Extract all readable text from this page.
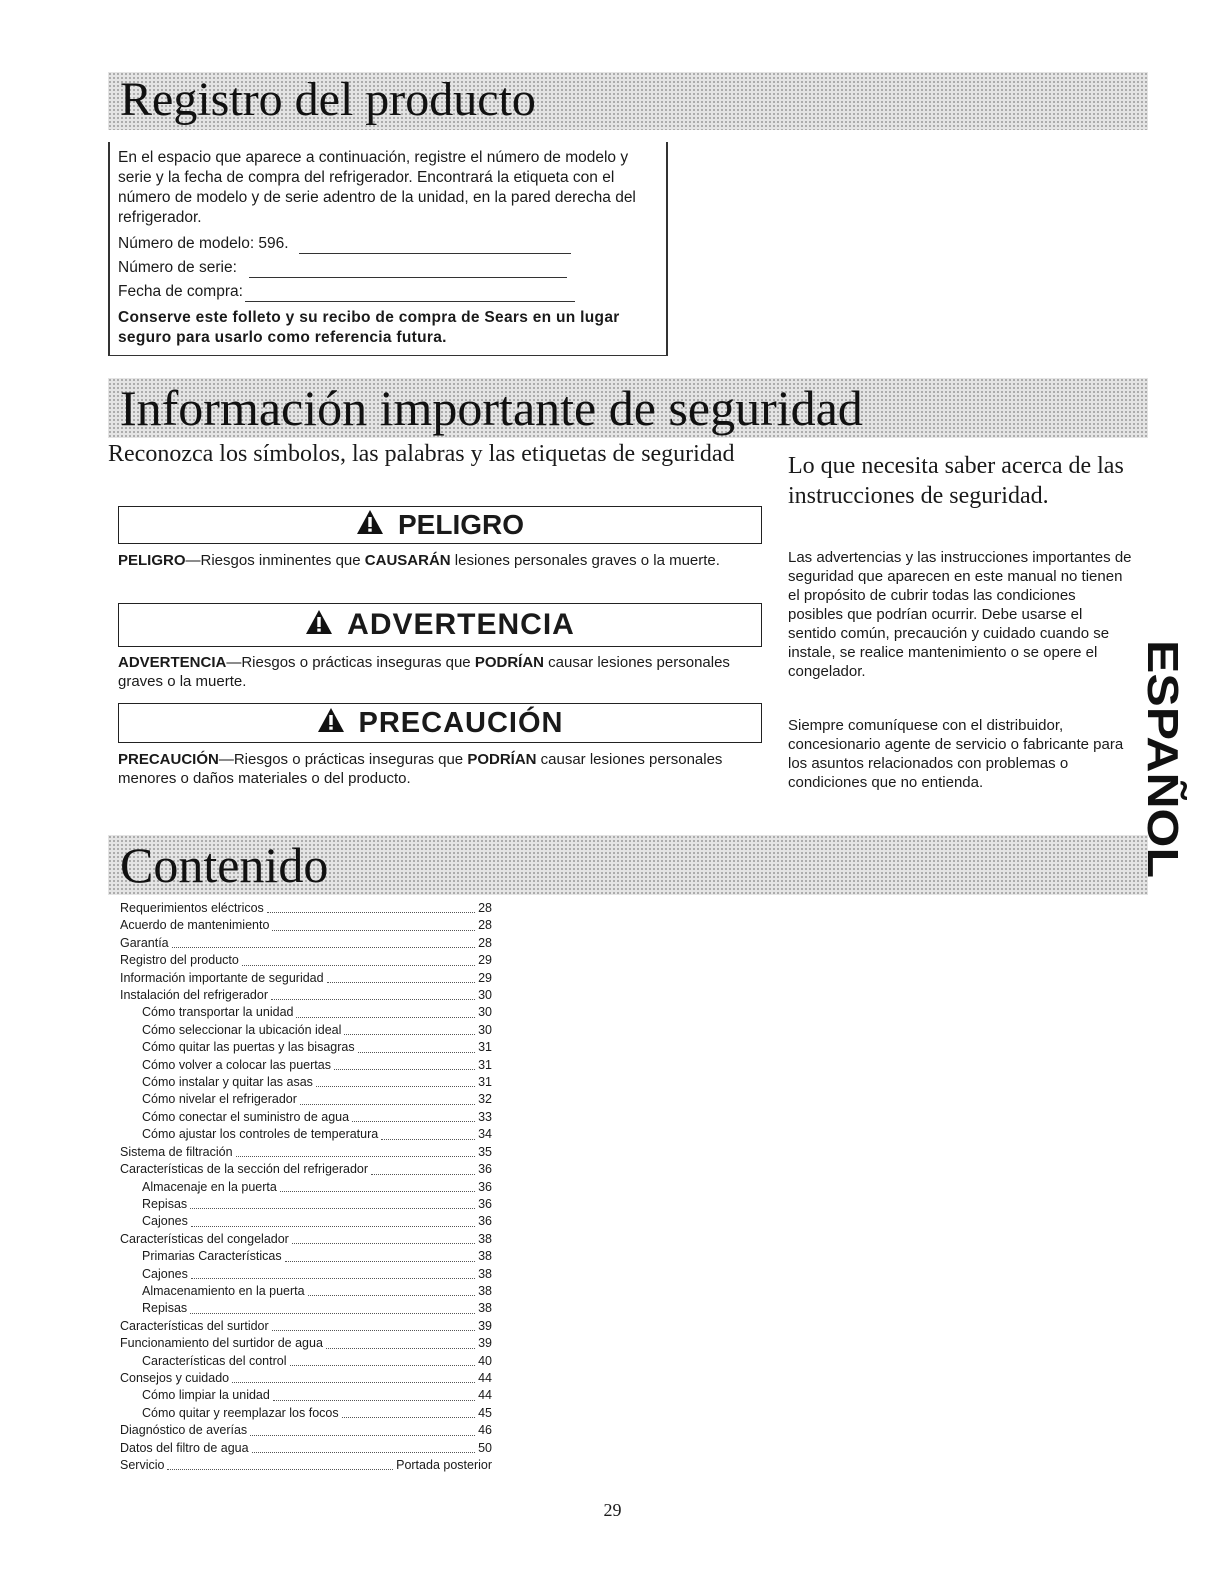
Registro del producto

En el espacio que aparece a continuación, registre el número de modelo y serie y la fecha de compra del refrigerador. Encontrará la etiqueta con el número de modelo y de serie adentro de la unidad, en la pared derecha del refrigerador.

Número de modelo: 596.
Número de serie:
Fecha de compra:
Conserve este folleto y su recibo de compra de Sears en un lugar seguro para usarlo como referencia futura.
Información importante de seguridad
Reconozca los símbolos, las palabras y las etiquetas de seguridad
PELIGRO

PELIGRO—Riesgos inminentes que CAUSARÁN lesiones personales graves o la muerte.

ADVERTENCIA

ADVERTENCIA—Riesgos o prácticas inseguras que PODRÍAN causar lesiones personales graves o la muerte.

PRECAUCIÓN

PRECAUCIÓN—Riesgos o prácticas inseguras que PODRÍAN causar lesiones personales menores o daños materiales o del producto.

Lo que necesita saber acerca de las instrucciones de seguridad.

Las advertencias y las instrucciones importantes de seguridad que aparecen en este manual no tienen el propósito de cubrir todas las condiciones posibles que podrían ocurrir. Debe usarse el sentido común, precaución y cuidado cuando se instale, se realice mantenimiento o se opere el congelador.

Siempre comuníquese con el distribuidor, concesionario agente de servicio o fabricante para los asuntos relacionados con problemas o condiciones que no entienda.	ESPAÑOL
Contenido
Requerimientos eléctricos	28
Acuerdo de mantenimiento	28
Garantía	28
Registro del producto	29
Información importante de seguridad	29
Instalación del refrigerador	30
Cómo transportar la unidad	30
Cómo seleccionar la ubicación ideal	30
Cómo quitar las puertas y las bisagras	31
Cómo volver a colocar las puertas	31
Cómo instalar y quitar las asas	31
Cómo nivelar el refrigerador	32
Cómo conectar el suministro de agua	33
Cómo ajustar los controles de temperatura	34
Sistema de filtración	35
Características de la sección del refrigerador	36
Almacenaje en la puerta	36
Repisas	36
Cajones	36
Características del congelador	38
Primarias Características	38
Cajones	38
Almacenamiento en la puerta	38
Repisas	38
Características del surtidor	39
Funcionamiento del surtidor de agua	39
Características del control	40
Consejos y cuidado	44
Cómo limpiar la unidad	44
Cómo quitar y reemplazar los focos	45
Diagnóstico de averías	46
Datos del filtro de agua	50
Servicio	Portada posterior
29
